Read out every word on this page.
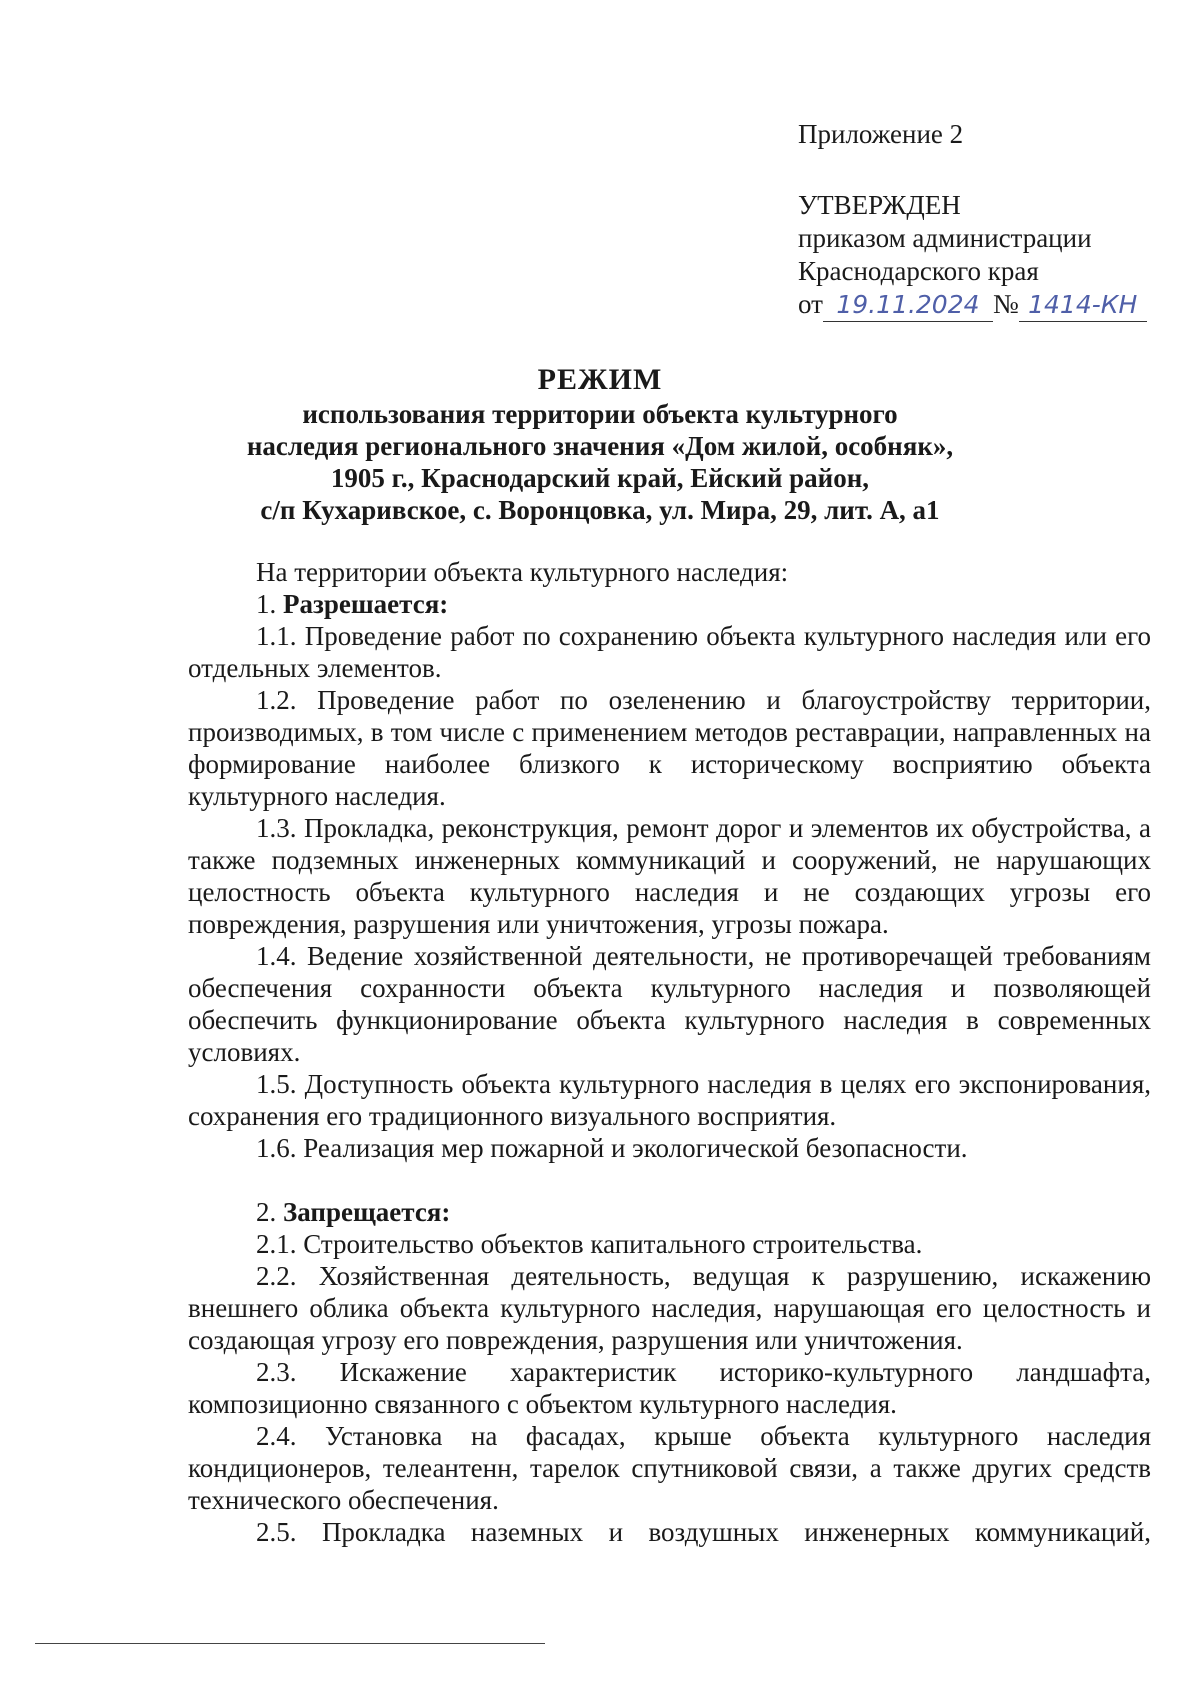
Приложение 2
УТВЕРЖДЕН
приказом администрации
Краснодарского края
от 19.11.2024 № 1414-КН
РЕЖИМ
использования территории объекта культурного
наследия регионального значения «Дом жилой, особняк»,
1905 г., Краснодарский край, Ейский район,
с/п Кухаривское, с. Воронцовка, ул. Мира, 29, лит. А, а1

На территории объекта культурного наследия:

1. Разрешается:

1.1. Проведение работ по сохранению объекта культурного наследия или его отдельных элементов.

1.2. Проведение работ по озеленению и благоустройству территории, производимых, в том числе с применением методов реставрации, направленных на формирование наиболее близкого к историческому восприятию объекта культурного наследия.

1.3. Прокладка, реконструкция, ремонт дорог и элементов их обустройства, а также подземных инженерных коммуникаций и сооружений, не нарушающих целостность объекта культурного наследия и не создающих угрозы его повреждения, разрушения или уничтожения, угрозы пожара.

1.4. Ведение хозяйственной деятельности, не противоречащей требованиям обеспечения сохранности объекта культурного наследия и позволяющей обеспечить функционирование объекта культурного наследия в современных условиях.

1.5. Доступность объекта культурного наследия в целях его экспонирования, сохранения его традиционного визуального восприятия.

1.6. Реализация мер пожарной и экологической безопасности.

2. Запрещается:

2.1. Строительство объектов капитального строительства.

2.2. Хозяйственная деятельность, ведущая к разрушению, искажению внешнего облика объекта культурного наследия, нарушающая его целостность и создающая угрозу его повреждения, разрушения или уничтожения.

2.3. Искажение характеристик историко-культурного ландшафта, композиционно связанного с объектом культурного наследия.

2.4. Установка на фасадах, крыше объекта культурного наследия кондиционеров, телеантенн, тарелок спутниковой связи, а также других средств технического обеспечения.

2.5. Прокладка наземных и воздушных инженерных коммуникаций,
